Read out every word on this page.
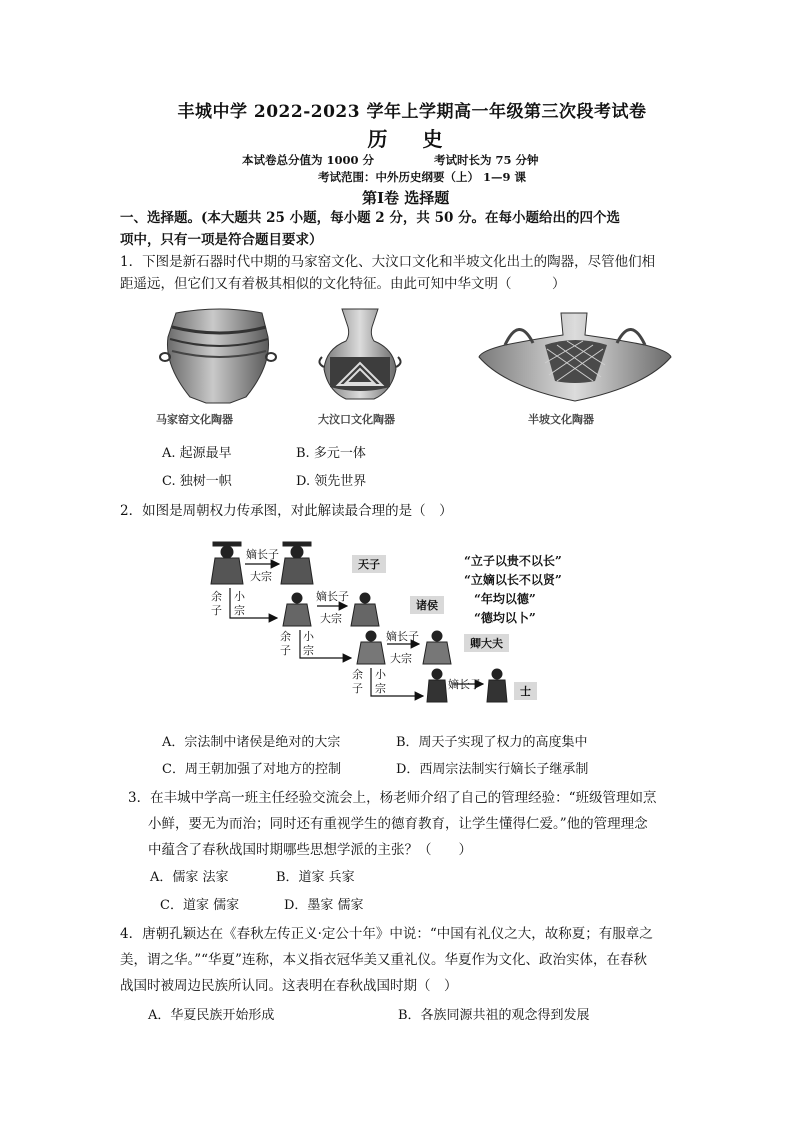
丰城中学 2022-2023 学年上学期高一年级第三次段考试卷
历 史
本试卷总分值为 1000 分	考试时长为 75 分钟
考试范围：中外历史纲要（上） 1—9 课
第Ⅰ卷 选择题
一、选择题。(本大题共 25 小题，每小题 2 分，共 50 分。在每小题给出的四个选
项中，只有一项是符合题目要求）
1．下图是新石器时代中期的马家窑文化、大汶口文化和半坡文化出土的陶器，尽管他们相
距遥远，但它们又有着极其相似的文化特征。由此可知中华文明（　　　）
马家窑文化陶器	大汶口文化陶器	半坡文化陶器
A. 起源最早	B. 多元一体
C. 独树一帜	D. 领先世界
2．如图是周朝权力传承图，对此解读最合理的是（　）
嫡长子
大宗
嫡长子
大宗
嫡长子
大宗
嫡长子
余子
小宗
余子
小宗
余子
小宗
天子
诸侯
卿大夫
士
“立子以贵不以长”
“立嫡以长不以贤”
“年均以德”
“德均以卜”
A．宗法制中诸侯是绝对的大宗	B．周天子实现了权力的高度集中
C．周王朝加强了对地方的控制	D．西周宗法制实行嫡长子继承制
3．在丰城中学高一班主任经验交流会上，杨老师介绍了自己的管理经验：“班级管理如烹
小鲜，要无为而治；同时还有重视学生的德育教育，让学生懂得仁爱。”他的管理理念
中蕴含了春秋战国时期哪些思想学派的主张？（　　）
A．儒家 法家	B．道家 兵家
C．道家 儒家	D．墨家 儒家
4．唐朝孔颖达在《春秋左传正义·定公十年》中说：“中国有礼仪之大，故称夏；有服章之
美，谓之华。”“华夏”连称，本义指衣冠华美又重礼仪。华夏作为文化、政治实体，在春秋
战国时被周边民族所认同。这表明在春秋战国时期（　）
A．华夏民族开始形成	B．各族同源共祖的观念得到发展
